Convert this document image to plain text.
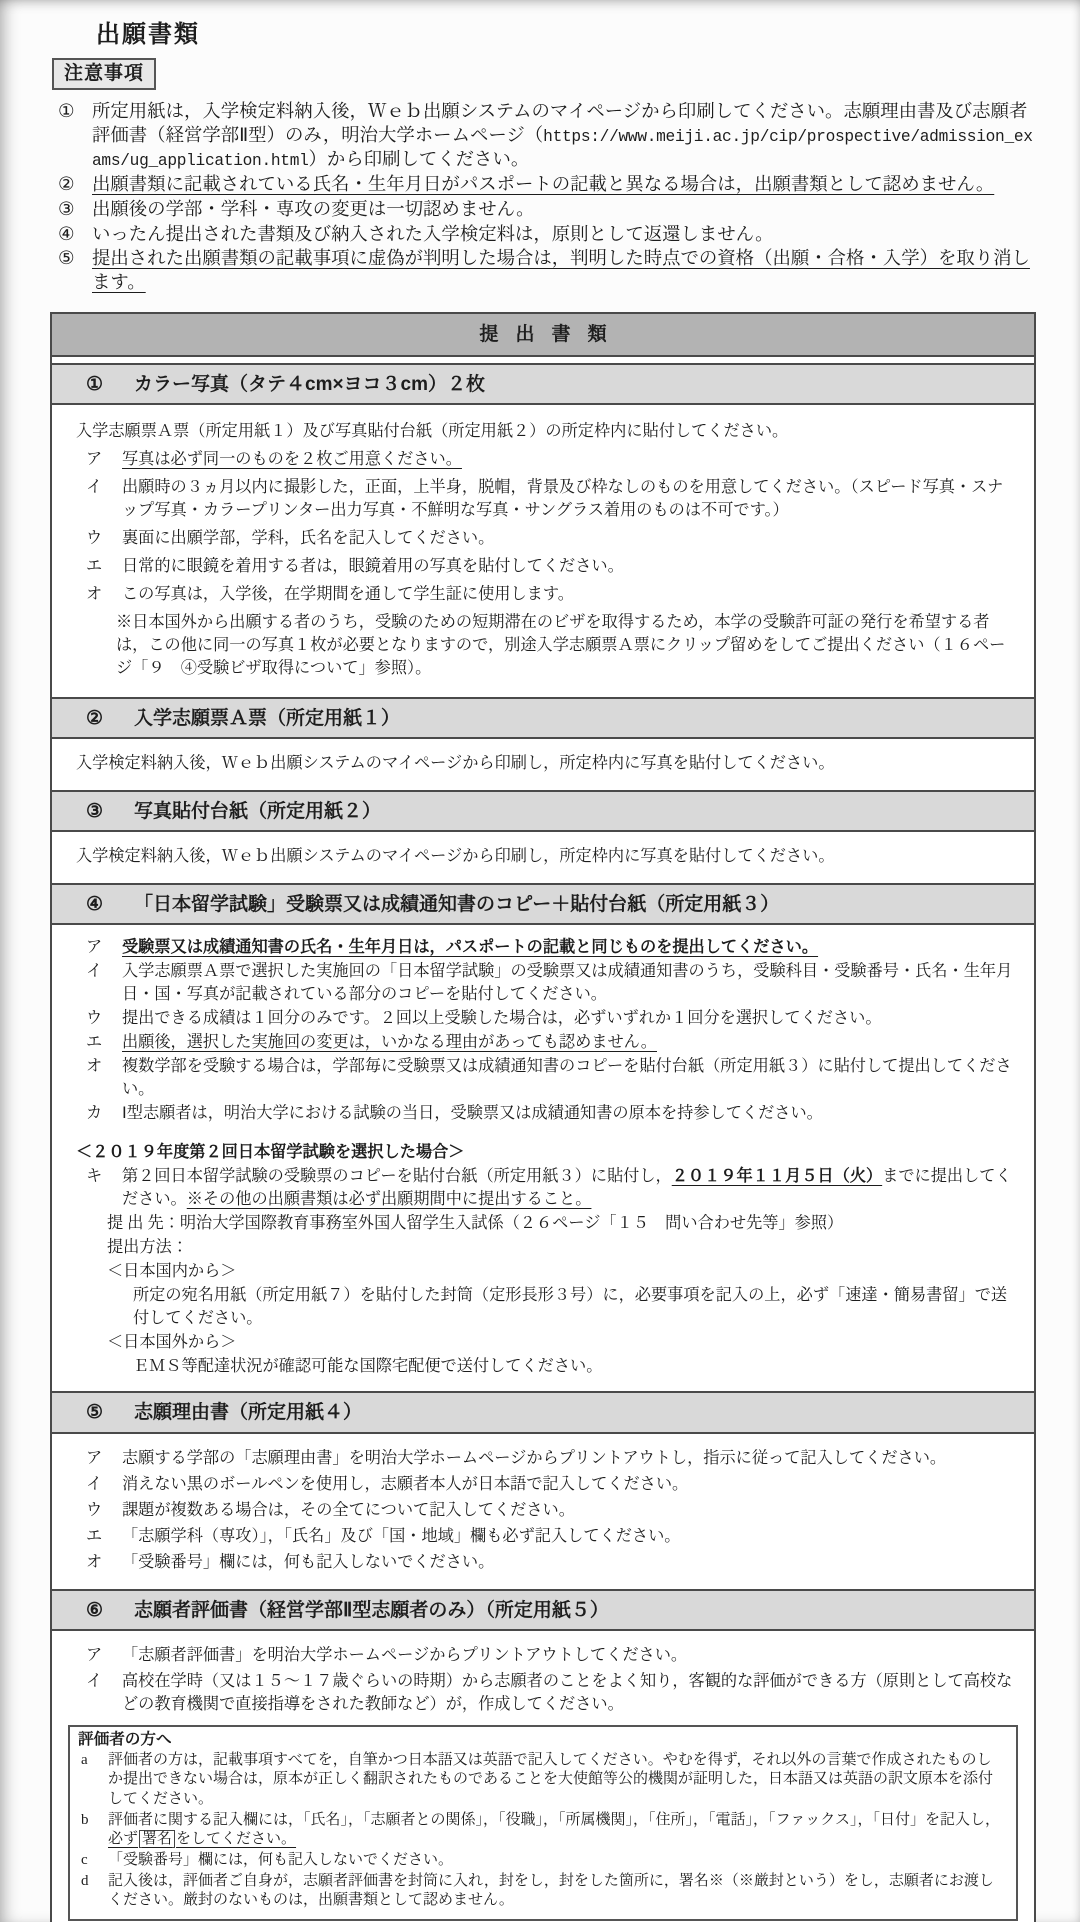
出願書類
注意事項
① 所定用紙は，入学検定料納入後，Ｗｅｂ出願システムのマイページから印刷してください。志願理由書及び志願者評価書（経営学部Ⅱ型）のみ，明治大学ホームページ（https://www.meiji.ac.jp/cip/prospective/admission_exams/ug_application.html）から印刷してください。
② 出願書類に記載されている氏名・生年月日がパスポートの記載と異なる場合は，出願書類として認めません。
③ 出願後の学部・学科・専攻の変更は一切認めません。
④ いったん提出された書類及び納入された入学検定料は，原則として返還しません。
⑤ 提出された出願書類の記載事項に虚偽が判明した場合は，判明した時点での資格（出願・合格・入学）を取り消します。
提出書類
①	カラー写真（タテ４cm×ヨコ３cm）２枚
入学志願票Ａ票（所定用紙１）及び写真貼付台紙（所定用紙２）の所定枠内に貼付してください。
ア	写真は必ず同一のものを２枚ご用意ください。
イ	出願時の３ヵ月以内に撮影した，正面，上半身，脱帽，背景及び枠なしのものを用意してください。（スピード写真・スナップ写真・カラープリンター出力写真・不鮮明な写真・サングラス着用のものは不可です。）
ウ	裏面に出願学部，学科，氏名を記入してください。
エ	日常的に眼鏡を着用する者は，眼鏡着用の写真を貼付してください。
オ	この写真は，入学後，在学期間を通して学生証に使用します。
※日本国外から出願する者のうち，受験のための短期滞在のビザを取得するため，本学の受験許可証の発行を希望する者は，この他に同一の写真１枚が必要となりますので，別途入学志願票Ａ票にクリップ留めをしてご提出ください（１６ページ「９　④受験ビザ取得について」参照）。
②	入学志願票Ａ票（所定用紙１）
入学検定料納入後，Ｗｅｂ出願システムのマイページから印刷し，所定枠内に写真を貼付してください。
③	写真貼付台紙（所定用紙２）
入学検定料納入後，Ｗｅｂ出願システムのマイページから印刷し，所定枠内に写真を貼付してください。
④	「日本留学試験」受験票又は成績通知書のコピー＋貼付台紙（所定用紙３）
ア	受験票又は成績通知書の氏名・生年月日は，パスポートの記載と同じものを提出してください。
イ	入学志願票Ａ票で選択した実施回の「日本留学試験」の受験票又は成績通知書のうち，受験科目・受験番号・氏名・生年月日・国・写真が記載されている部分のコピーを貼付してください。
ウ	提出できる成績は１回分のみです。２回以上受験した場合は，必ずいずれか１回分を選択してください。
エ	出願後，選択した実施回の変更は，いかなる理由があっても認めません。
オ	複数学部を受験する場合は，学部毎に受験票又は成績通知書のコピーを貼付台紙（所定用紙３）に貼付して提出してください。
カ	Ⅰ型志願者は，明治大学における試験の当日，受験票又は成績通知書の原本を持参してください。
＜２０１９年度第２回日本留学試験を選択した場合＞
キ	第２回日本留学試験の受験票のコピーを貼付台紙（所定用紙３）に貼付し，２０１９年１１月５日（火）までに提出してください。※その他の出願書類は必ず出願期間中に提出すること。
提 出 先：明治大学国際教育事務室外国人留学生入試係（２６ページ「１５　問い合わせ先等」参照）
提出方法：
＜日本国内から＞
所定の宛名用紙（所定用紙７）を貼付した封筒（定形長形３号）に，必要事項を記入の上，必ず「速達・簡易書留」で送付してください。
＜日本国外から＞
ＥＭＳ等配達状況が確認可能な国際宅配便で送付してください。
⑤	志願理由書（所定用紙４）
ア	志願する学部の「志願理由書」を明治大学ホームページからプリントアウトし，指示に従って記入してください。
イ	消えない黒のボールペンを使用し，志願者本人が日本語で記入してください。
ウ	課題が複数ある場合は，その全てについて記入してください。
エ	「志願学科（専攻）」，「氏名」及び「国・地域」欄も必ず記入してください。
オ	「受験番号」欄には，何も記入しないでください。
⑥	志願者評価書（経営学部Ⅱ型志願者のみ）（所定用紙５）
ア	「志願者評価書」を明治大学ホームページからプリントアウトしてください。
イ	高校在学時（又は１５～１７歳ぐらいの時期）から志願者のことをよく知り，客観的な評価ができる方（原則として高校などの教育機関で直接指導をされた教師など）が，作成してください。
評価者の方へ
a	評価者の方は，記載事項すべてを，自筆かつ日本語又は英語で記入してください。やむを得ず，それ以外の言葉で作成されたものしか提出できない場合は，原本が正しく翻訳されたものであることを大使館等公的機関が証明した，日本語又は英語の訳文原本を添付してください。
b	評価者に関する記入欄には，「氏名」，「志願者との関係」，「役職」，「所属機関」，「住所」，「電話」，「ファックス」，「日付」を記入し，必ず 署名 をしてください。
c	「受験番号」欄には，何も記入しないでください。
d	記入後は，評価者ご自身が，志願者評価書を封筒に入れ，封をし，封をした箇所に，署名※（※厳封という）をし，志願者にお渡しください。厳封のないものは，出願書類として認めません。
